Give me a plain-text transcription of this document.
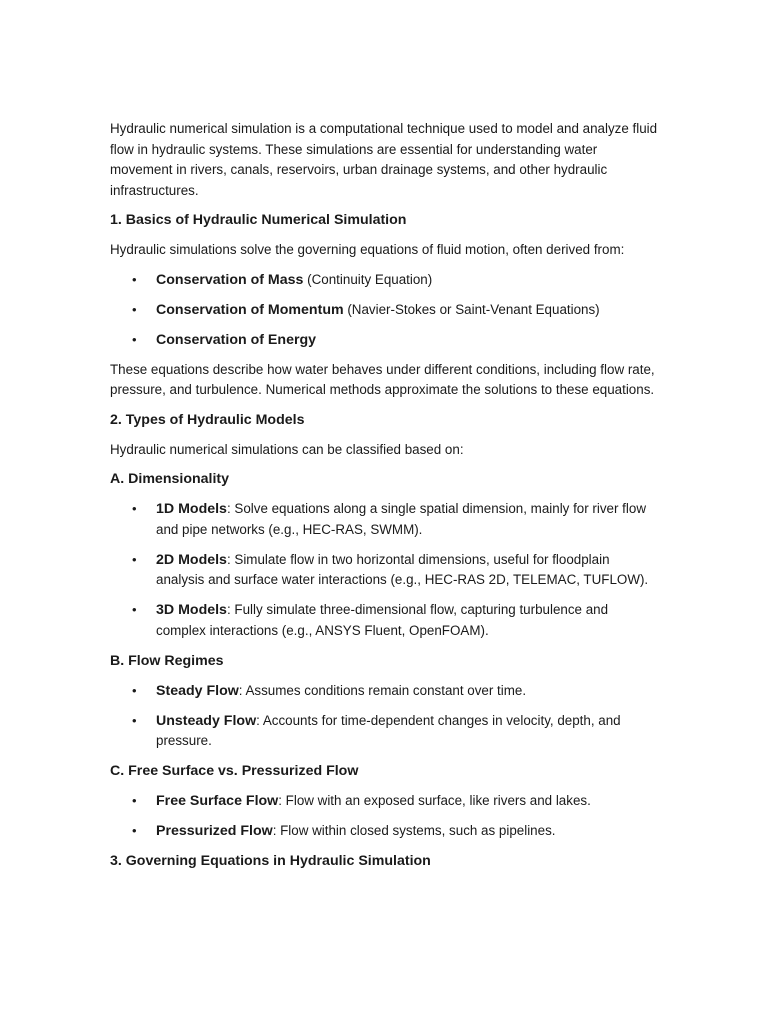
Hydraulic numerical simulation is a computational technique used to model and analyze fluid flow in hydraulic systems. These simulations are essential for understanding water movement in rivers, canals, reservoirs, urban drainage systems, and other hydraulic infrastructures.

1. Basics of Hydraulic Numerical Simulation

Hydraulic simulations solve the governing equations of fluid motion, often derived from:

• Conservation of Mass (Continuity Equation)
• Conservation of Momentum (Navier-Stokes or Saint-Venant Equations)
• Conservation of Energy

These equations describe how water behaves under different conditions, including flow rate, pressure, and turbulence. Numerical methods approximate the solutions to these equations.

2. Types of Hydraulic Models

Hydraulic numerical simulations can be classified based on:

A. Dimensionality
• 1D Models: Solve equations along a single spatial dimension, mainly for river flow and pipe networks (e.g., HEC-RAS, SWMM).
• 2D Models: Simulate flow in two horizontal dimensions, useful for floodplain analysis and surface water interactions (e.g., HEC-RAS 2D, TELEMAC, TUFLOW).
• 3D Models: Fully simulate three-dimensional flow, capturing turbulence and complex interactions (e.g., ANSYS Fluent, OpenFOAM).
B. Flow Regimes
• Steady Flow: Assumes conditions remain constant over time.
• Unsteady Flow: Accounts for time-dependent changes in velocity, depth, and pressure.
C. Free Surface vs. Pressurized Flow
• Free Surface Flow: Flow with an exposed surface, like rivers and lakes.
• Pressurized Flow: Flow within closed systems, such as pipelines.
3. Governing Equations in Hydraulic Simulation
